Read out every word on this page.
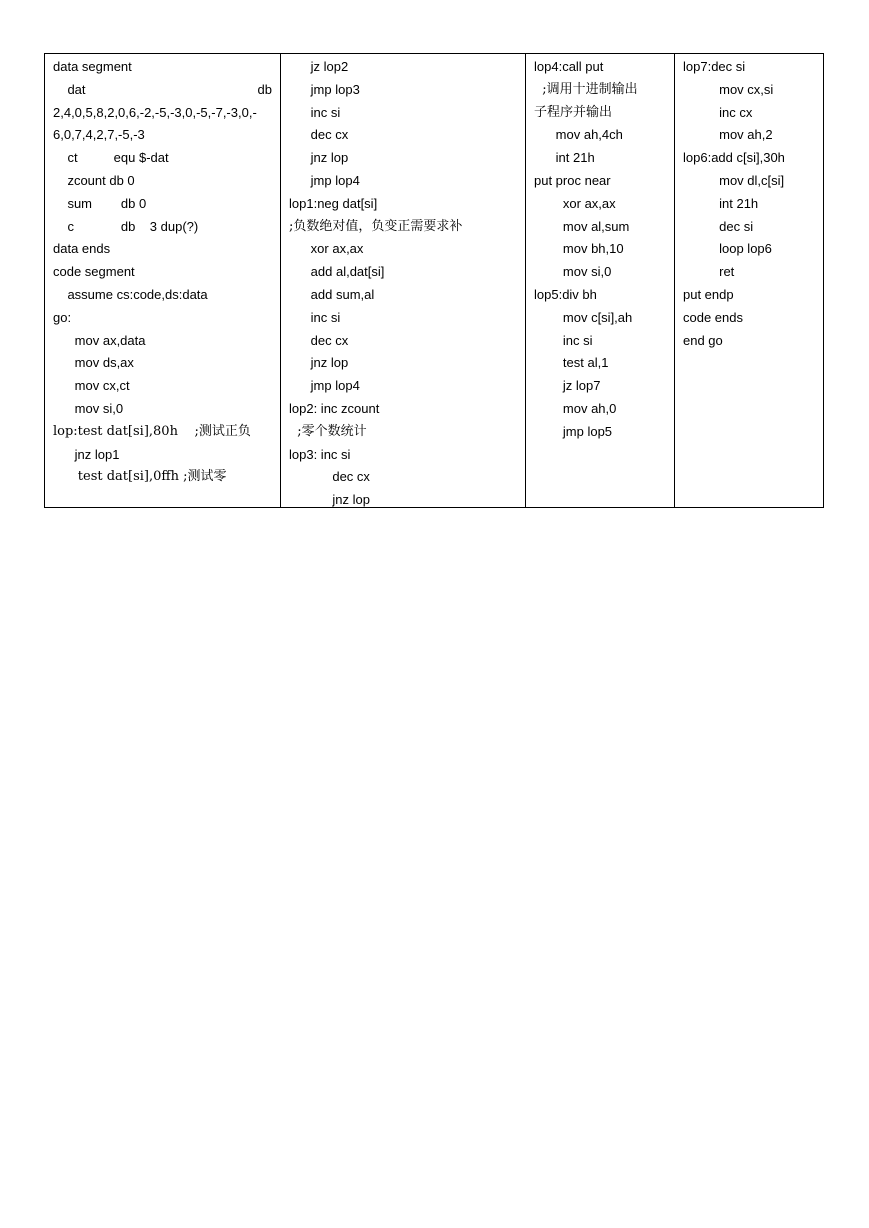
data segment
dat	db
2,4,0,5,8,2,0,6,-2,-5,-3,0,-5,-7,-3,0,-
6,0,7,4,2,7,-5,-3
ct          equ $-dat
zcount db 0
sum        db 0
c             db    3 dup(?)
data ends
code segment
assume cs:code,ds:data
go:
mov ax,data
mov ds,ax
mov cx,ct
mov si,0
lop:test dat[si],80h    ;测试正负
jnz lop1
test dat[si],0ffh ;测试零

jz lop2
jmp lop3
inc si
dec cx
jnz lop
jmp lop4
lop1:neg dat[si]
;负数绝对值，负变正需要求补
xor ax,ax
add al,dat[si]
add sum,al
inc si
dec cx
jnz lop
jmp lop4
lop2: inc zcount
;零个数统计
lop3: inc si
dec cx
jnz lop

lop4:call put
;调用十进制输出
子程序并输出
mov ah,4ch
int 21h
put proc near
xor ax,ax
mov al,sum
mov bh,10
mov si,0
lop5:div bh
mov c[si],ah
inc si
test al,1
jz lop7
mov ah,0
jmp lop5

lop7:dec si
mov cx,si
inc cx
mov ah,2
lop6:add c[si],30h
mov dl,c[si]
int 21h
dec si
loop lop6
ret
put endp
code ends
end go
